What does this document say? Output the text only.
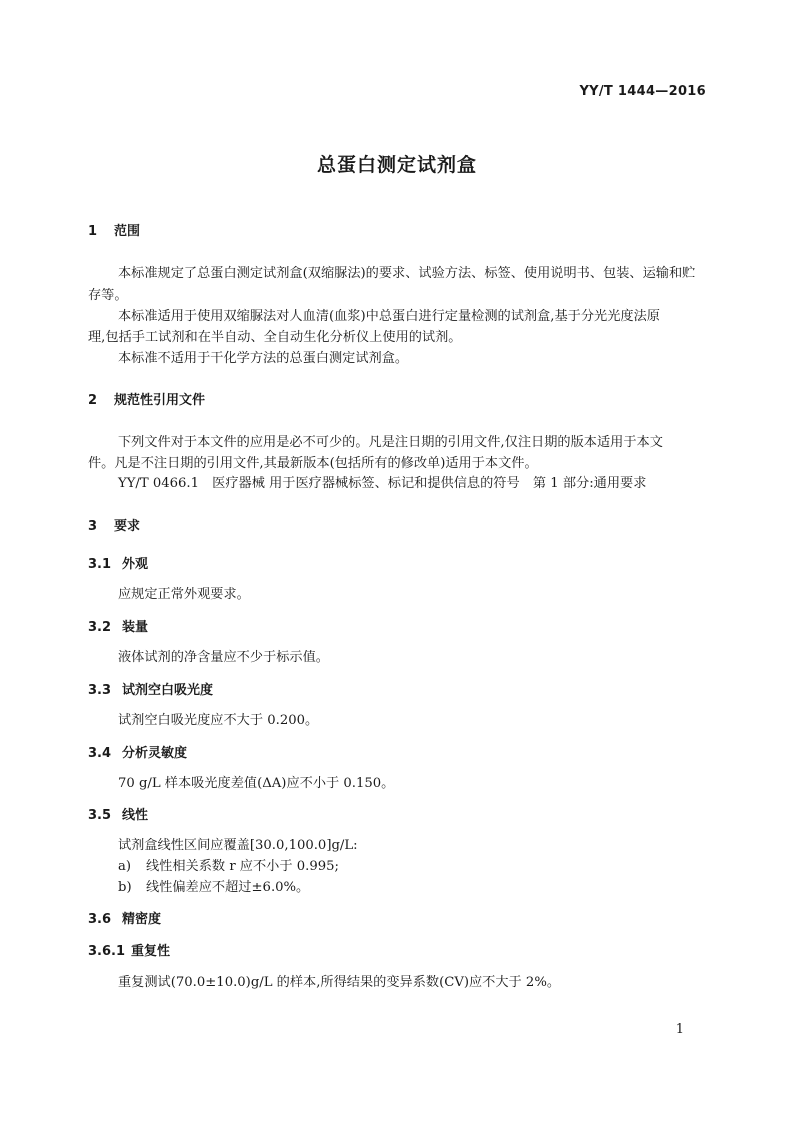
YY/T 1444—2016
总蛋白测定试剂盒
1 范围
本标准规定了总蛋白测定试剂盒(双缩脲法)的要求、试验方法、标签、使用说明书、包装、运输和贮
存等。
本标准适用于使用双缩脲法对人血清(血浆)中总蛋白进行定量检测的试剂盒,基于分光光度法原
理,包括手工试剂和在半自动、全自动生化分析仪上使用的试剂。
本标准不适用于干化学方法的总蛋白测定试剂盒。
2 规范性引用文件
下列文件对于本文件的应用是必不可少的。凡是注日期的引用文件,仅注日期的版本适用于本文
件。凡是不注日期的引用文件,其最新版本(包括所有的修改单)适用于本文件。
YY/T 0466.1　医疗器械 用于医疗器械标签、标记和提供信息的符号　第 1 部分:通用要求
3 要求
3.1 外观
应规定正常外观要求。
3.2 装量
液体试剂的净含量应不少于标示值。
3.3 试剂空白吸光度
试剂空白吸光度应不大于 0.200。
3.4 分析灵敏度
70 g/L 样本吸光度差值(ΔA)应不小于 0.150。
3.5 线性
试剂盒线性区间应覆盖[30.0,100.0]g/L:
a) 线性相关系数 r 应不小于 0.995;
b) 线性偏差应不超过±6.0%。
3.6 精密度
3.6.1 重复性
重复测试(70.0±10.0)g/L 的样本,所得结果的变异系数(CV)应不大于 2%。
1
